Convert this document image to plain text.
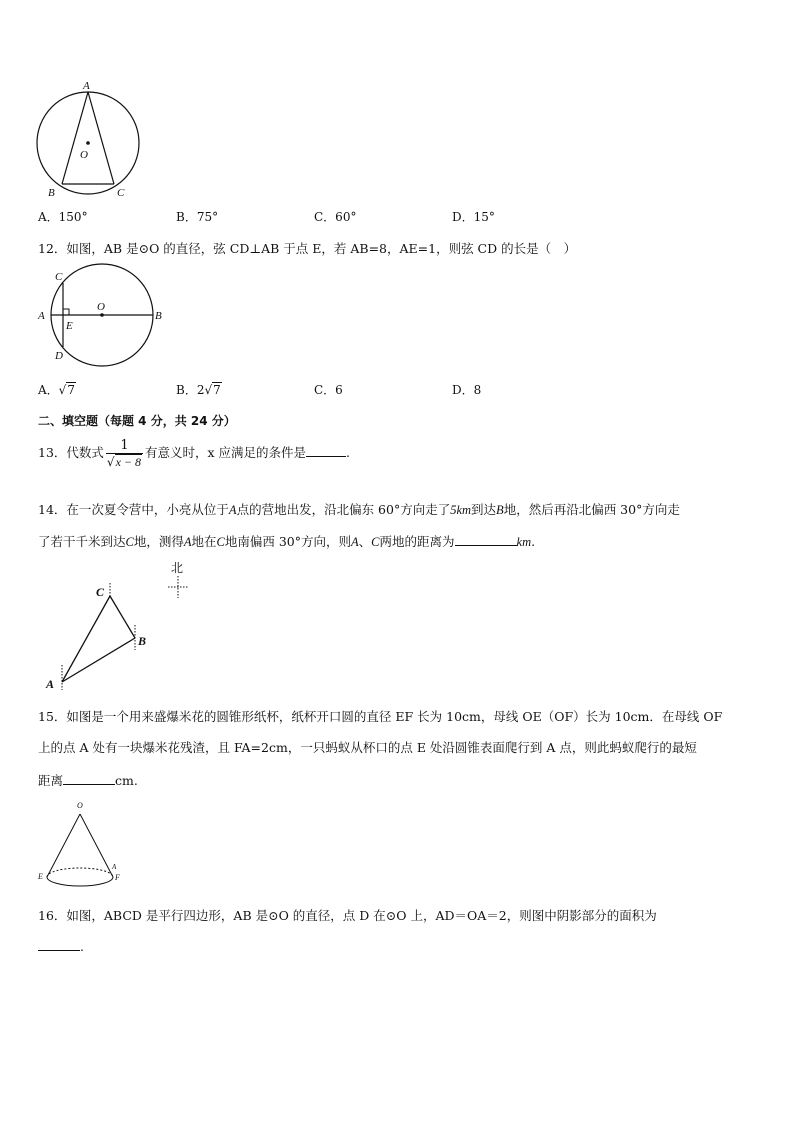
A
O
B	C
A．150°	B．75°	C．60°	D．15°
12．如图，AB 是⊙O 的直径，弦 CD⊥AB 于点 E，若 AB=8，AE=1，则弦 CD 的长是（　）
C
A
E
O
B
D
A．√7	B．2√7	C．6	D．8
二、填空题（每题 4 分，共 24 分）
13．代数式 $\frac{1}{√x - 8}$ 有意义时，x 应满足的条件是	.
14．在一次夏令营中，小亮从位于A点的营地出发，沿北偏东 60°方向走了5km到达B地，然后再沿北偏西 30°方向走
了若干千米到达C地，测得A地在C地南偏西 30°方向，则A、C两地的距离为	km.
北
C
B
A
15．如图是一个用来盛爆米花的圆锥形纸杯，纸杯开口圆的直径 EF 长为 10cm，母线 OE（OF）长为 10cm．在母线 OF
上的点 A 处有一块爆米花残渣，且 FA=2cm，一只蚂蚁从杯口的点 E 处沿圆锥表面爬行到 A 点，则此蚂蚁爬行的最短
距离	cm.
O
E
A
F
16．如图，ABCD 是平行四边形，AB 是⊙O 的直径，点 D 在⊙O 上，AD＝OA＝2，则图中阴影部分的面积为
.
